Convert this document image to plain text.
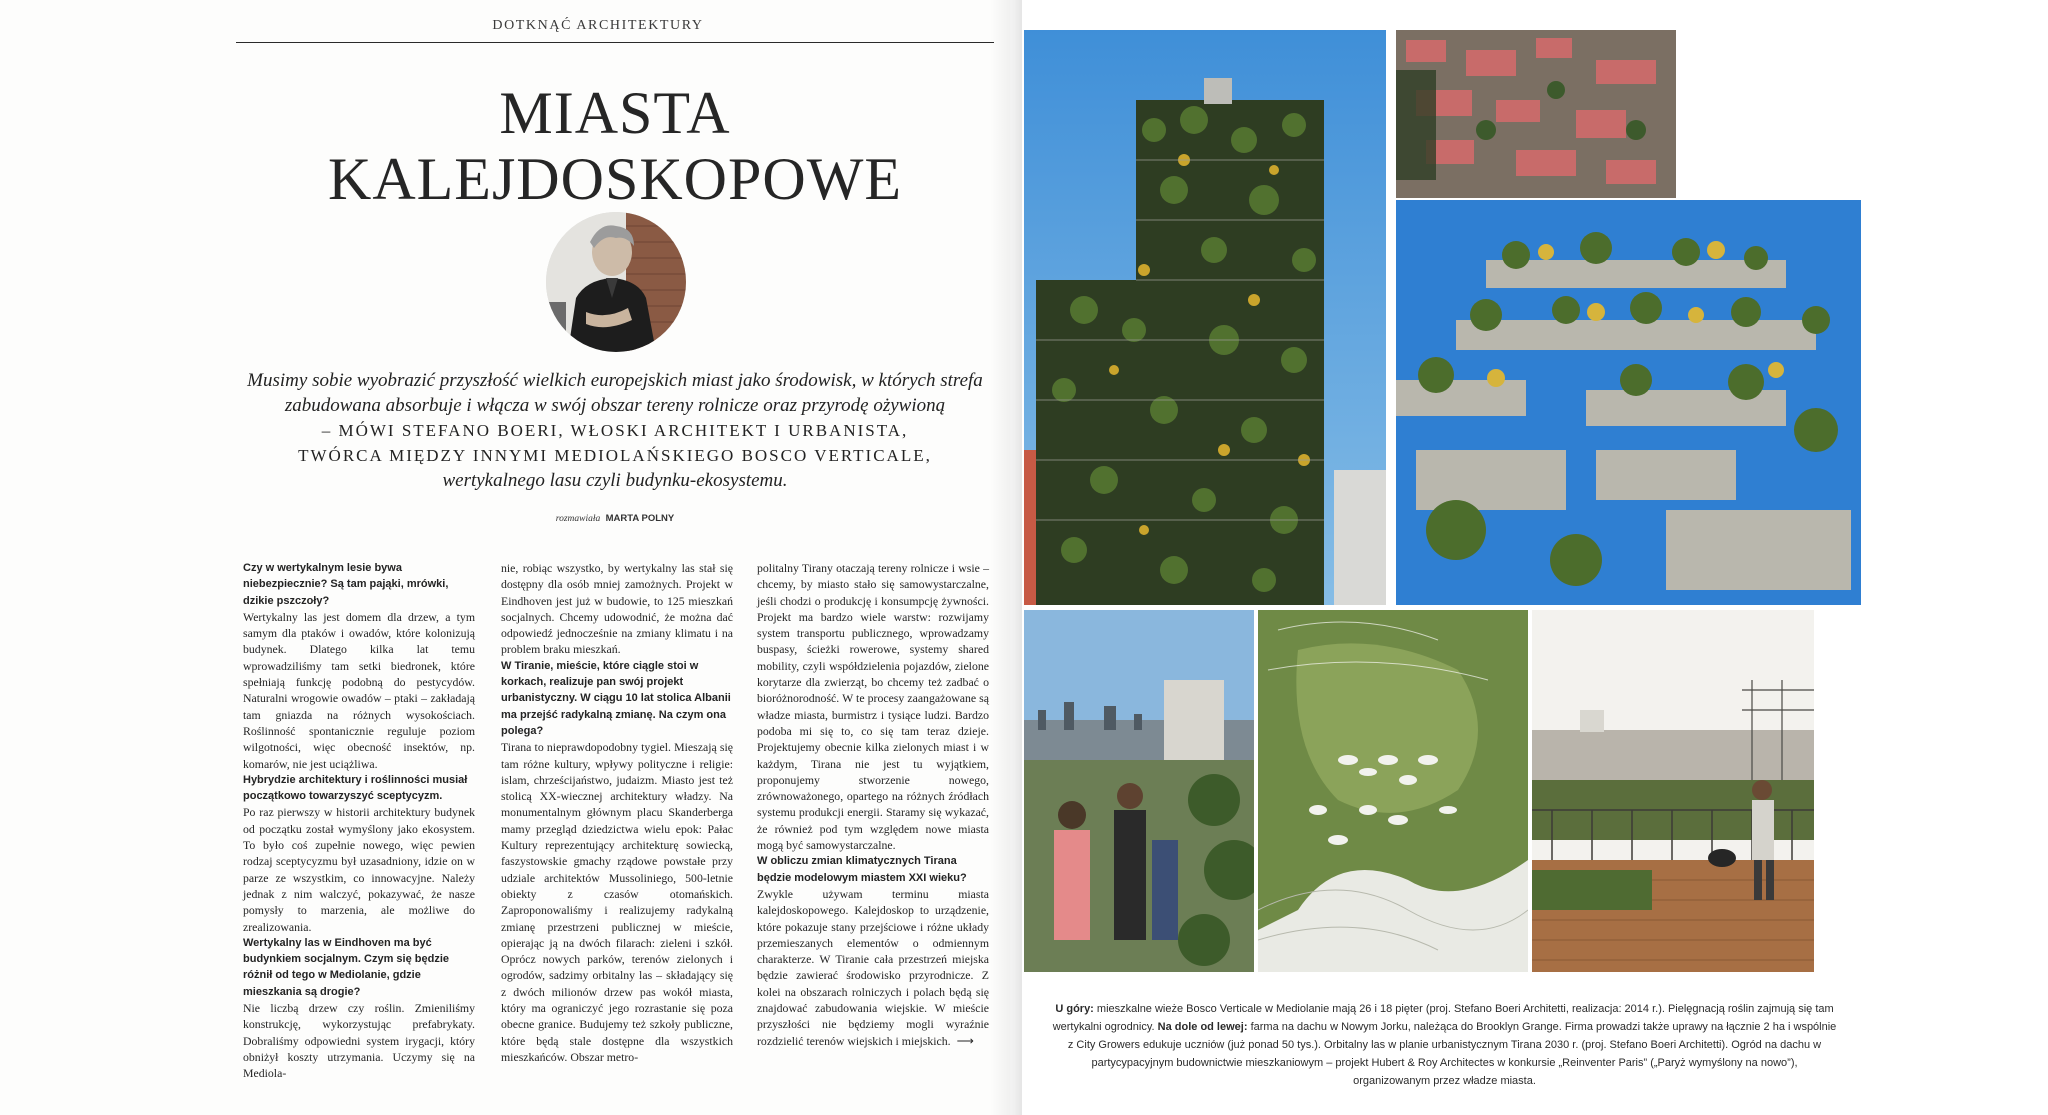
DOTKNĄĆ ARCHITEKTURY
MIASTA
KALEJDOSKOPOWE
Musimy sobie wyobrazić przyszłość wielkich europejskich miast jako środowisk, w których strefa
zabudowana absorbuje i włącza w swój obszar tereny rolnicze oraz przyrodę ożywioną
– MÓWI STEFANO BOERI, WŁOSKI ARCHITEKT I URBANISTA,
TWÓRCA MIĘDZY INNYMI MEDIOLAŃSKIEGO BOSCO VERTICALE,
wertykalnego lasu czyli budynku-ekosystemu.
rozmawiała MARTA POLNY

Czy w wertykalnym lesie bywa niebezpiecznie? Są tam pająki, mrówki, dzikie pszczoły?

Wertykalny las jest domem dla drzew, a tym samym dla ptaków i owadów, które kolonizują budynek. Dlatego kilka lat temu wprowadziliśmy tam setki biedronek, które spełniają funkcję podobną do pestycydów. Naturalni wrogowie owadów – ptaki – zakładają tam gniazda na różnych wysokościach. Roślinność spontanicznie reguluje poziom wilgotności, więc obecność insektów, np. komarów, nie jest uciążliwa.

Hybrydzie architektury i roślinności musiał początkowo towarzyszyć sceptycyzm.

Po raz pierwszy w historii architektury budynek od początku został wymyślony jako ekosystem. To było coś zupełnie nowego, więc pewien rodzaj sceptycyzmu był uzasadniony, idzie on w parze ze wszystkim, co innowacyjne. Należy jednak z nim walczyć, pokazywać, że nasze pomysły to marzenia, ale możliwe do zrealizowania.

Wertykalny las w Eindhoven ma być budynkiem socjalnym. Czym się będzie różnił od tego w Mediolanie, gdzie mieszkania są drogie?

Nie liczbą drzew czy roślin. Zmieniliśmy konstrukcję, wykorzystując prefabrykaty. Dobraliśmy odpowiedni system irygacji, który obniżył koszty utrzymania. Uczymy się na Mediola-

nie, robiąc wszystko, by wertykalny las stał się dostępny dla osób mniej zamożnych. Projekt w Eindhoven jest już w budowie, to 125 mieszkań socjalnych. Chcemy udowodnić, że można dać odpowiedź jednocześnie na zmiany klimatu i na problem braku mieszkań.

W Tiranie, mieście, które ciągle stoi w korkach, realizuje pan swój projekt urbanistyczny. W ciągu 10 lat stolica Albanii ma przejść radykalną zmianę. Na czym ona polega?

Tirana to nieprawdopodobny tygiel. Mieszają się tam różne kultury, wpływy polityczne i religie: islam, chrześcijaństwo, judaizm. Miasto jest też stolicą XX-wiecznej architektury władzy. Na monumentalnym głównym placu Skanderberga mamy przegląd dziedzictwa wielu epok: Pałac Kultury reprezentujący architekturę sowiecką, faszystowskie gmachy rządowe powstałe przy udziale architektów Mussoliniego, 500-letnie obiekty z czasów otomańskich. Zaproponowaliśmy i realizujemy radykalną zmianę przestrzeni publicznej w mieście, opierając ją na dwóch filarach: zieleni i szkół. Oprócz nowych parków, terenów zielonych i ogrodów, sadzimy orbitalny las – składający się z dwóch milionów drzew pas wokół miasta, który ma ograniczyć jego rozrastanie się poza obecne granice. Budujemy też szkoły publiczne, które będą stale dostępne dla wszystkich mieszkańców. Obszar metro-

politalny Tirany otaczają tereny rolnicze i wsie – chcemy, by miasto stało się samowystarczalne, jeśli chodzi o produkcję i konsumpcję żywności. Projekt ma bardzo wiele warstw: rozwijamy system transportu publicznego, wprowadzamy buspasy, ścieżki rowerowe, systemy shared mobility, czyli współdzielenia pojazdów, zielone korytarze dla zwierząt, bo chcemy też zadbać o bioróżnorodność. W te procesy zaangażowane są władze miasta, burmistrz i tysiące ludzi. Bardzo podoba mi się to, co się tam teraz dzieje. Projektujemy obecnie kilka zielonych miast i w każdym, Tirana nie jest tu wyjątkiem, proponujemy stworzenie nowego, zrównoważonego, opartego na różnych źródłach systemu produkcji energii. Staramy się wykazać, że również pod tym względem nowe miasta mogą być samowystarczalne.

W obliczu zmian klimatycznych Tirana będzie modelowym miastem XXI wieku?

Zwykle używam terminu miasta kalejdoskopowego. Kalejdoskop to urządzenie, które pokazuje stany przejściowe i różne układy przemieszanych elementów o odmiennym charakterze. W Tiranie cała przestrzeń miejska będzie zawierać środowisko przyrodnicze. Z kolei na obszarach rolniczych i polach będą się znajdować zabudowania wiejskie. W mieście przyszłości nie będziemy mogli wyraźnie rozdzielić terenów wiejskich i miejskich. ⟶

U góry: mieszkalne wieże Bosco Verticale w Mediolanie mają 26 i 18 pięter (proj. Stefano Boeri Architetti, realizacja: 2014 r.). Pielęgnacją roślin zajmują się tam wertykalni ogrodnicy. Na dole od lewej: farma na dachu w Nowym Jorku, należąca do Brooklyn Grange. Firma prowadzi także uprawy na łącznie 2 ha i wspólnie z City Growers edukuje uczniów (już ponad 50 tys.). Orbitalny las w planie urbanistycznym Tirana 2030 r. (proj. Stefano Boeri Architetti). Ogród na dachu w partycypacyjnym budownictwie mieszkaniowym – projekt Hubert & Roy Architectes w konkursie „Reinventer Paris” („Paryż wymyślony na nowo”), organizowanym przez władze miasta.
